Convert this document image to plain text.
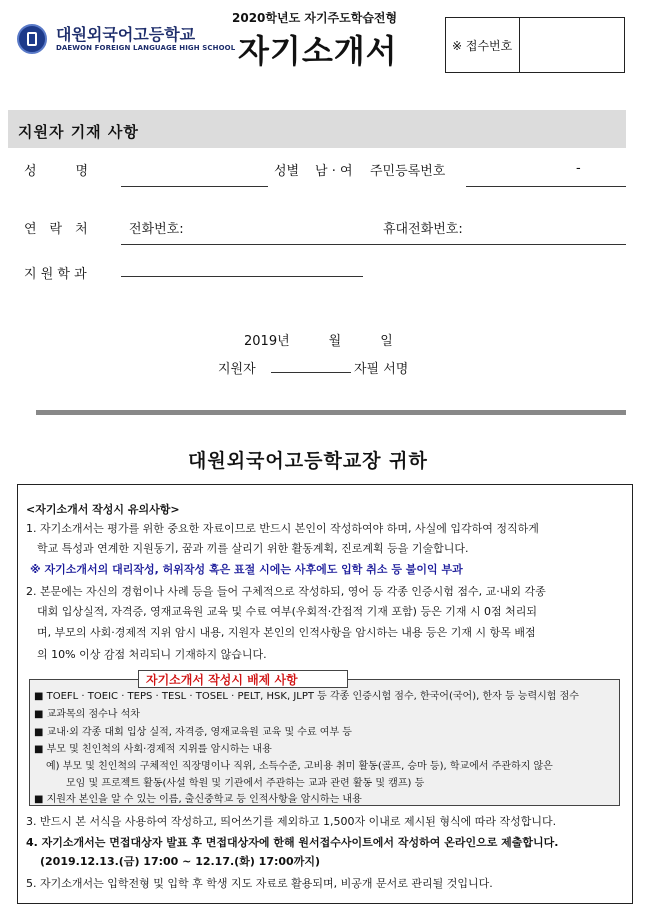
대원외국어고등학교
DAEWON FOREIGN LANGUAGE HIGH SCHOOL
2020학년도 자기주도학습전형
자기소개서	※ 접수번호
지원자 기재 사항
성　　　명	성별 남 · 여 주민등록번호	-
연　락　처	전화번호:	휴대전화번호:
지 원 학 과
2019년　　　월　　　일
지원자	자필 서명
대원외국어고등학교장 귀하
<자기소개서 작성시 유의사항>
1. 자기소개서는 평가를 위한 중요한 자료이므로 반드시 본인이 작성하여야 하며, 사실에 입각하여 정직하게
학교 특성과 연계한 지원동기, 꿈과 끼를 살리기 위한 활동계획, 진로계획 등을 기술합니다.
※ 자기소개서의 대리작성, 허위작성 혹은 표절 시에는 사후에도 입학 취소 등 불이익 부과
2. 본문에는 자신의 경험이나 사례 등을 들어 구체적으로 작성하되, 영어 등 각종 인증시험 점수, 교·내외 각종
대회 입상실적, 자격증, 영재교육원 교육 및 수료 여부(우회적·간접적 기재 포함) 등은 기재 시 0점 처리되
며, 부모의 사회·경제적 지위 암시 내용, 지원자 본인의 인적사항을 암시하는 내용 등은 기재 시 항목 배점
의 10% 이상 감점 처리되니 기재하지 않습니다.
자기소개서 작성시 배제 사항
■ TOEFL · TOEIC · TEPS · TESL · TOSEL · PELT, HSK, JLPT 등 각종 인증시험 점수, 한국어(국어), 한자 등 능력시험 점수
■ 교과목의 점수나 석차
■ 교내·외 각종 대회 입상 실적, 자격증, 영재교육원 교육 및 수료 여부 등
■ 부모 및 친인척의 사회·경제적 지위를 암시하는 내용
예) 부모 및 친인척의 구체적인 직장명이나 직위, 소득수준, 고비용 취미 활동(골프, 승마 등), 학교에서 주관하지 않은
모임 및 프로젝트 활동(사설 학원 및 기관에서 주관하는 교과 관련 활동 및 캠프) 등
■ 지원자 본인을 알 수 있는 이름, 출신중학교 등 인적사항을 암시하는 내용
3. 반드시 본 서식을 사용하여 작성하고, 띄어쓰기를 제외하고 1,500자 이내로 제시된 형식에 따라 작성합니다.
4. 자기소개서는 면접대상자 발표 후 면접대상자에 한해 원서접수사이트에서 작성하여 온라인으로 제출합니다.
(2019.12.13.(금) 17:00 ~ 12.17.(화) 17:00까지)
5. 자기소개서는 입학전형 및 입학 후 학생 지도 자료로 활용되며, 비공개 문서로 관리될 것입니다.
